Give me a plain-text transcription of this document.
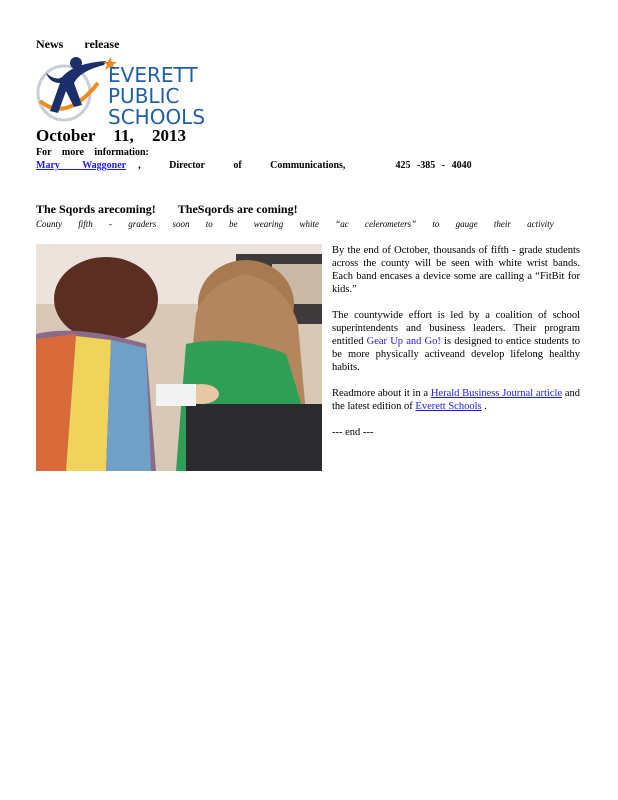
News release
EVERETT
PUBLIC
SCHOOLS
October 11, 2013
For more information:
Mary Waggoner , Director of Communications,	425 -385 - 4040
The Sqords arecoming! TheSqords are coming!
County fifth - graders soon to be wearing white “ac celerometers” to gauge their activity

By the end of October, thousands of fifth - grade students across the county will be seen with white wrist bands. Each band encases a device some are calling a “FitBit for kids.”

The countywide effort is led by a coalition of school superintendents and business leaders. Their program entitled Gear Up and Go! is designed to entice students to be more physically activeand develop lifelong healthy habits.

Readmore about it in a Herald Business Journal article and the latest edition of Everett Schools .

--- end ---
